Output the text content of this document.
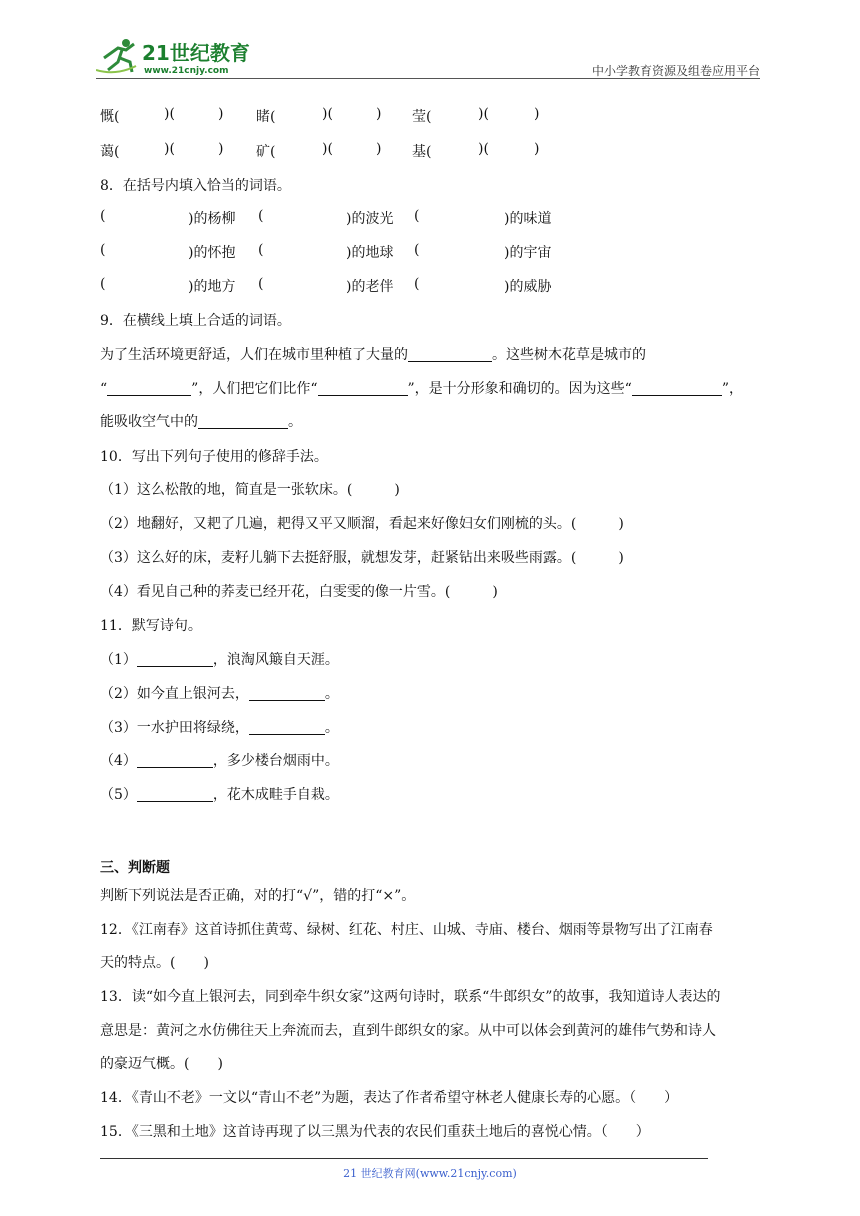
21世纪教育
www.21cnjy.com	中小学教育资源及组卷应用平台
慨(	)(	) 睹(	)(	) 莹(	)(	)
蔼(	)(	) 矿(	)(	) 基(	)(	)
8．在括号内填入恰当的词语。
(	)的杨柳 (	)的波光 (	)的味道
(	)的怀抱 (	)的地球 (	)的宇宙
(	)的地方 (	)的老伴 (	)的威胁
9．在横线上填上合适的词语。
为了生活环境更舒适，人们在城市里种植了大量的	。这些树木花草是城市的
“	”，人们把它们比作“	”，是十分形象和确切的。因为这些“	”，
能吸收空气中的	。
10．写出下列句子使用的修辞手法。
（1）这么松散的地，简直是一张软床。(　　　)
（2）地翻好，又耙了几遍，耙得又平又顺溜，看起来好像妇女们刚梳的头。(　　　)
（3）这么好的床，麦籽儿躺下去挺舒服，就想发芽，赶紧钻出来吸些雨露。(　　　)
（4）看见自己种的荞麦已经开花，白雯雯的像一片雪。(　　　)
11．默写诗句。
（1）	，浪淘风簸自天涯。
（2）如今直上银河去，	。
（3）一水护田将绿绕，	。
（4）	，多少楼台烟雨中。
（5）	，花木成畦手自栽。
三、判断题
判断下列说法是否正确，对的打“√”，错的打“×”。
12．《江南春》这首诗抓住黄莺、绿树、红花、村庄、山城、寺庙、楼台、烟雨等景物写出了江南春
天的特点。(　　)
13．读“如今直上银河去，同到牵牛织女家”这两句诗时，联系“牛郎织女”的故事，我知道诗人表达的
意思是：黄河之水仿佛往天上奔流而去，直到牛郎织女的家。从中可以体会到黄河的雄伟气势和诗人
的豪迈气概。(　　)
14．《青山不老》一文以“青山不老”为题，表达了作者希望守林老人健康长寿的心愿。（　　）
15．《三黑和土地》这首诗再现了以三黑为代表的农民们重获土地后的喜悦心情。（　　）
21 世纪教育网(www.21cnjy.com)
